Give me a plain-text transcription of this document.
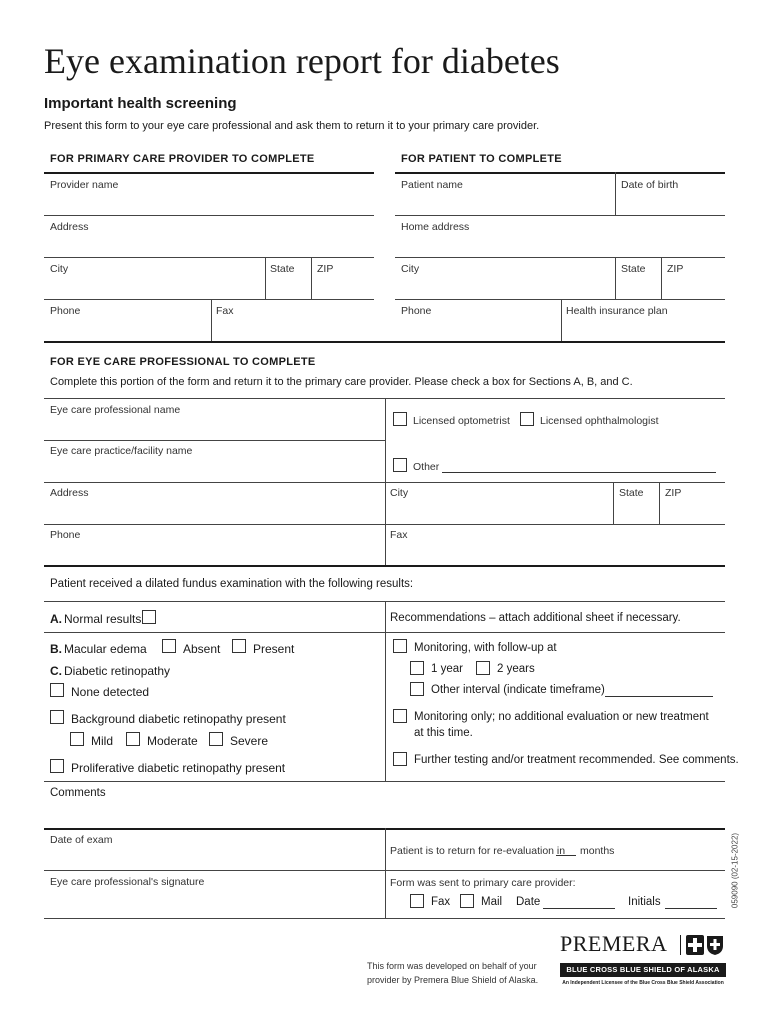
Eye examination report for diabetes
Important health screening
Present this form to your eye care professional and ask them to return it to your primary care provider.
FOR PRIMARY CARE PROVIDER TO COMPLETE
Provider name
Address
City	State ZIP
Phone	Fax
FOR PATIENT TO COMPLETE
Patient name	Date of birth
Home address
City	State ZIP
Phone	Health insurance plan
FOR EYE CARE PROFESSIONAL TO COMPLETE
Complete this portion of the form and return it to the primary care provider. Please check a box for Sections A, B, and C.
Eye care professional name
Eye care practice/facility name
Licensed optometrist	Licensed ophthalmologist
Other
Address	City	State ZIP
Phone	Fax
Patient received a dilated fundus examination with the following results:
A. Normal results
B. Macular edema	Absent	Present
C. Diabetic retinopathy
None detected
Background diabetic retinopathy present
Mild	Moderate	Severe
Proliferative diabetic retinopathy present
Recommendations – attach additional sheet if necessary.
Monitoring, with follow-up at
1 year	2 years
Other interval (indicate timeframe)
Monitoring only; no additional evaluation or new treatment
at this time.
Further testing and/or treatment recommended. See comments.
Comments
Date of exam
Patient is to return for re-evaluation in months
Eye care professional's signature	Form was sent to primary care provider:
Fax	Mail Date	Initials	059090 (02-15-2022)
This form was developed on behalf of your
provider by Premera Blue Shield of Alaska.
PREMERA
BLUE CROSS BLUE SHIELD OF ALASKA
An Independent Licensee of the Blue Cross Blue Shield Association
